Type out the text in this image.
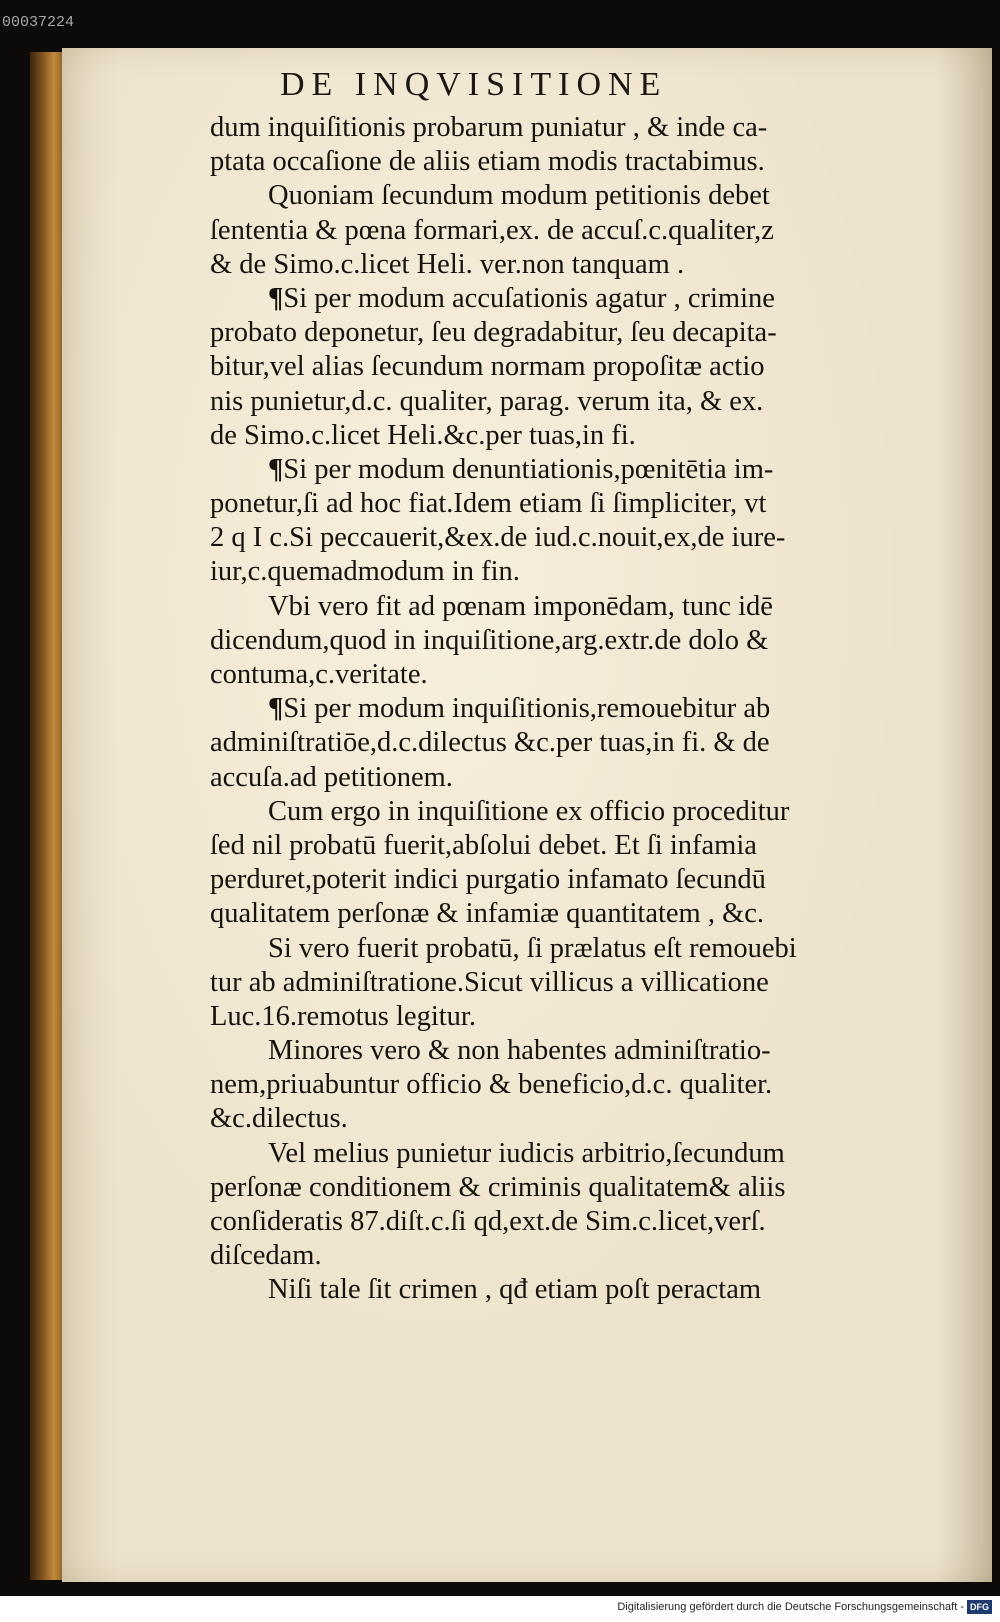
00037224
DE INQVISITIONE
dum inquiſitionis probarum puniatur , & inde ca-
ptata occaſione de aliis etiam modis tractabimus.
Quoniam ſecundum modum petitionis debet
ſententia & pœna formari,ex. de accuſ.c.qualiter,z
& de Simo.c.licet Heli. ver.non tanquam .
¶Si per modum accuſationis agatur , crimine
probato deponetur, ſeu degradabitur, ſeu decapita-
bitur,vel alias ſecundum normam propoſitæ actio
nis punietur,d.c. qualiter, parag. verum ita, & ex.
de Simo.c.licet Heli.&c.per tuas,in fi.
¶Si per modum denuntiationis,pœnitētia im-
ponetur,ſi ad hoc fiat.Idem etiam ſi ſimpliciter, vt
2 q I c.Si peccauerit,&ex.de iud.c.nouit,ex,de iure-
iur,c.quemadmodum in fin.
Vbi vero fit ad pœnam imponēdam, tunc idē
dicendum,quod in inquiſitione,arg.extr.de dolo &
contuma,c.veritate.
¶Si per modum inquiſitionis,remouebitur ab
adminiſtratiōe,d.c.dilectus &c.per tuas,in fi. & de
accuſa.ad petitionem.
Cum ergo in inquiſitione ex officio proceditur
ſed nil probatū fuerit,abſolui debet. Et ſi infamia
perduret,poterit indici purgatio infamato ſecundū
qualitatem perſonæ & infamiæ quantitatem , &c.
Si vero fuerit probatū, ſi prælatus eſt remouebi
tur ab adminiſtratione.Sicut villicus a villicatione
Luc.16.remotus legitur.
Minores vero & non habentes adminiſtratio-
nem,priuabuntur officio & beneficio,d.c. qualiter.
&c.dilectus.
Vel melius punietur iudicis arbitrio,ſecundum
perſonæ conditionem & criminis qualitatem& aliis
conſideratis 87.diſt.c.ſi qd,ext.de Sim.c.licet,verſ.
diſcedam.
Niſi tale ſit crimen , qđ etiam poſt peractam
Digitalisierung gefördert durch die Deutsche Forschungsgemeinschaft - DFG
